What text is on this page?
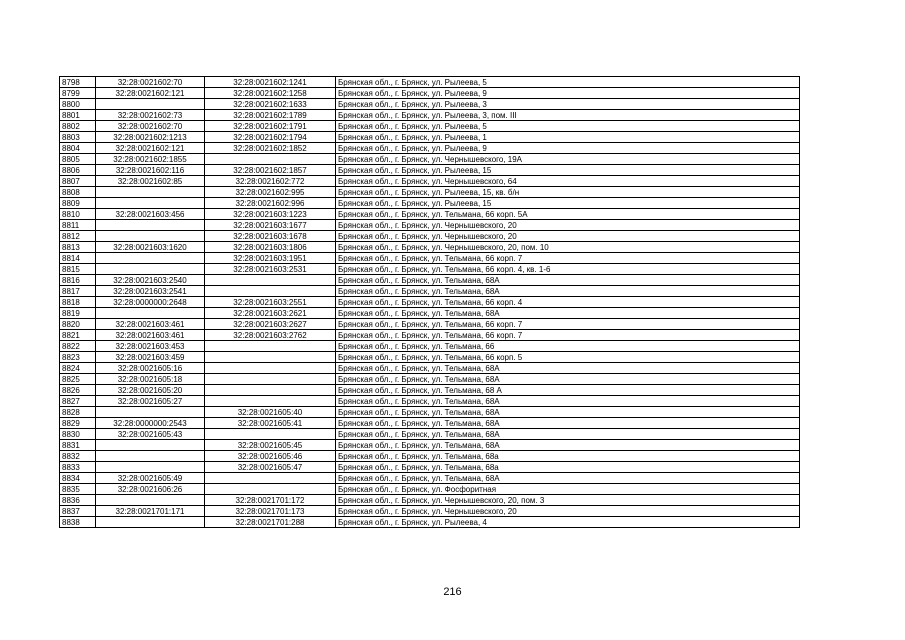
8798	32:28:0021602:70	32:28:0021602:1241	Брянская обл., г. Брянск, ул. Рылеева, 5
8799	32:28:0021602:121	32:28:0021602:1258	Брянская обл., г. Брянск, ул. Рылеева, 9
8800		32:28:0021602:1633	Брянская обл., г. Брянск, ул. Рылеева, 3
8801	32:28:0021602:73	32:28:0021602:1789	Брянская обл., г. Брянск, ул. Рылеева, 3, пом. III
8802	32:28:0021602:70	32:28:0021602:1791	Брянская обл., г. Брянск, ул. Рылеева, 5
8803	32:28:0021602:1213	32:28:0021602:1794	Брянская обл., г. Брянск, ул. Рылеева, 1
8804	32:28:0021602:121	32:28:0021602:1852	Брянская обл., г. Брянск, ул. Рылеева, 9
8805	32:28:0021602:1855		Брянская обл., г. Брянск, ул. Чернышевского, 19А
8806	32:28:0021602:116	32:28:0021602:1857	Брянская обл., г. Брянск, ул. Рылеева, 15
8807	32:28:0021602:85	32:28:0021602:772	Брянская обл., г. Брянск, ул. Чернышевского, 64
8808		32:28:0021602:995	Брянская обл., г. Брянск, ул. Рылеева, 15, кв. б/н
8809		32:28:0021602:996	Брянская обл., г. Брянск, ул. Рылеева, 15
8810	32:28:0021603:456	32:28:0021603:1223	Брянская обл., г. Брянск, ул. Тельмана, 66 корп. 5А
8811		32:28:0021603:1677	Брянская обл., г. Брянск, ул. Чернышевского, 20
8812		32:28:0021603:1678	Брянская обл., г. Брянск, ул. Чернышевского, 20
8813	32:28:0021603:1620	32:28:0021603:1806	Брянская обл., г. Брянск, ул. Чернышевского, 20, пом. 10
8814		32:28:0021603:1951	Брянская обл., г. Брянск, ул. Тельмана, 66 корп. 7
8815		32:28:0021603:2531	Брянская обл., г. Брянск, ул. Тельмана, 66 корп. 4, кв. 1-6
8816	32:28:0021603:2540		Брянская обл., г. Брянск, ул. Тельмана, 68А
8817	32:28:0021603:2541		Брянская обл., г. Брянск, ул. Тельмана, 68А
8818	32:28:0000000:2648	32:28:0021603:2551	Брянская обл., г. Брянск, ул. Тельмана, 66 корп. 4
8819		32:28:0021603:2621	Брянская обл., г. Брянск, ул. Тельмана, 68А
8820	32:28:0021603:461	32:28:0021603:2627	Брянская обл., г. Брянск, ул. Тельмана, 66 корп. 7
8821	32:28:0021603:461	32:28:0021603:2762	Брянская обл., г. Брянск, ул. Тельмана, 66 корп. 7
8822	32:28:0021603:453		Брянская обл., г. Брянск, ул. Тельмана, 66
8823	32:28:0021603:459		Брянская обл., г. Брянск, ул. Тельмана, 66 корп. 5
8824	32:28:0021605:16		Брянская обл., г. Брянск, ул. Тельмана, 68А
8825	32:28:0021605:18		Брянская обл., г. Брянск, ул. Тельмана, 68А
8826	32:28:0021605:20		Брянская обл., г. Брянск, ул. Тельмана, 68 А
8827	32:28:0021605:27		Брянская обл., г. Брянск, ул. Тельмана, 68А
8828		32:28:0021605:40	Брянская обл., г. Брянск, ул. Тельмана, 68А
8829	32:28:0000000:2543	32:28:0021605:41	Брянская обл., г. Брянск, ул. Тельмана, 68А
8830	32:28:0021605:43		Брянская обл., г. Брянск, ул. Тельмана, 68А
8831		32:28:0021605:45	Брянская обл., г. Брянск, ул. Тельмана, 68А
8832		32:28:0021605:46	Брянская обл., г. Брянск, ул. Тельмана, 68а
8833		32:28:0021605:47	Брянская обл., г. Брянск, ул. Тельмана, 68а
8834	32:28:0021605:49		Брянская обл., г. Брянск, ул. Тельмана, 68А
8835	32:28:0021606:26		Брянская обл., г. Брянск, ул. Фосфоритная
8836		32:28:0021701:172	Брянская обл., г. Брянск, ул. Чернышевского, 20, пом. 3
8837	32:28:0021701:171	32:28:0021701:173	Брянская обл., г. Брянск, ул. Чернышевского, 20
8838		32:28:0021701:288	Брянская обл., г. Брянск, ул. Рылеева, 4
216
